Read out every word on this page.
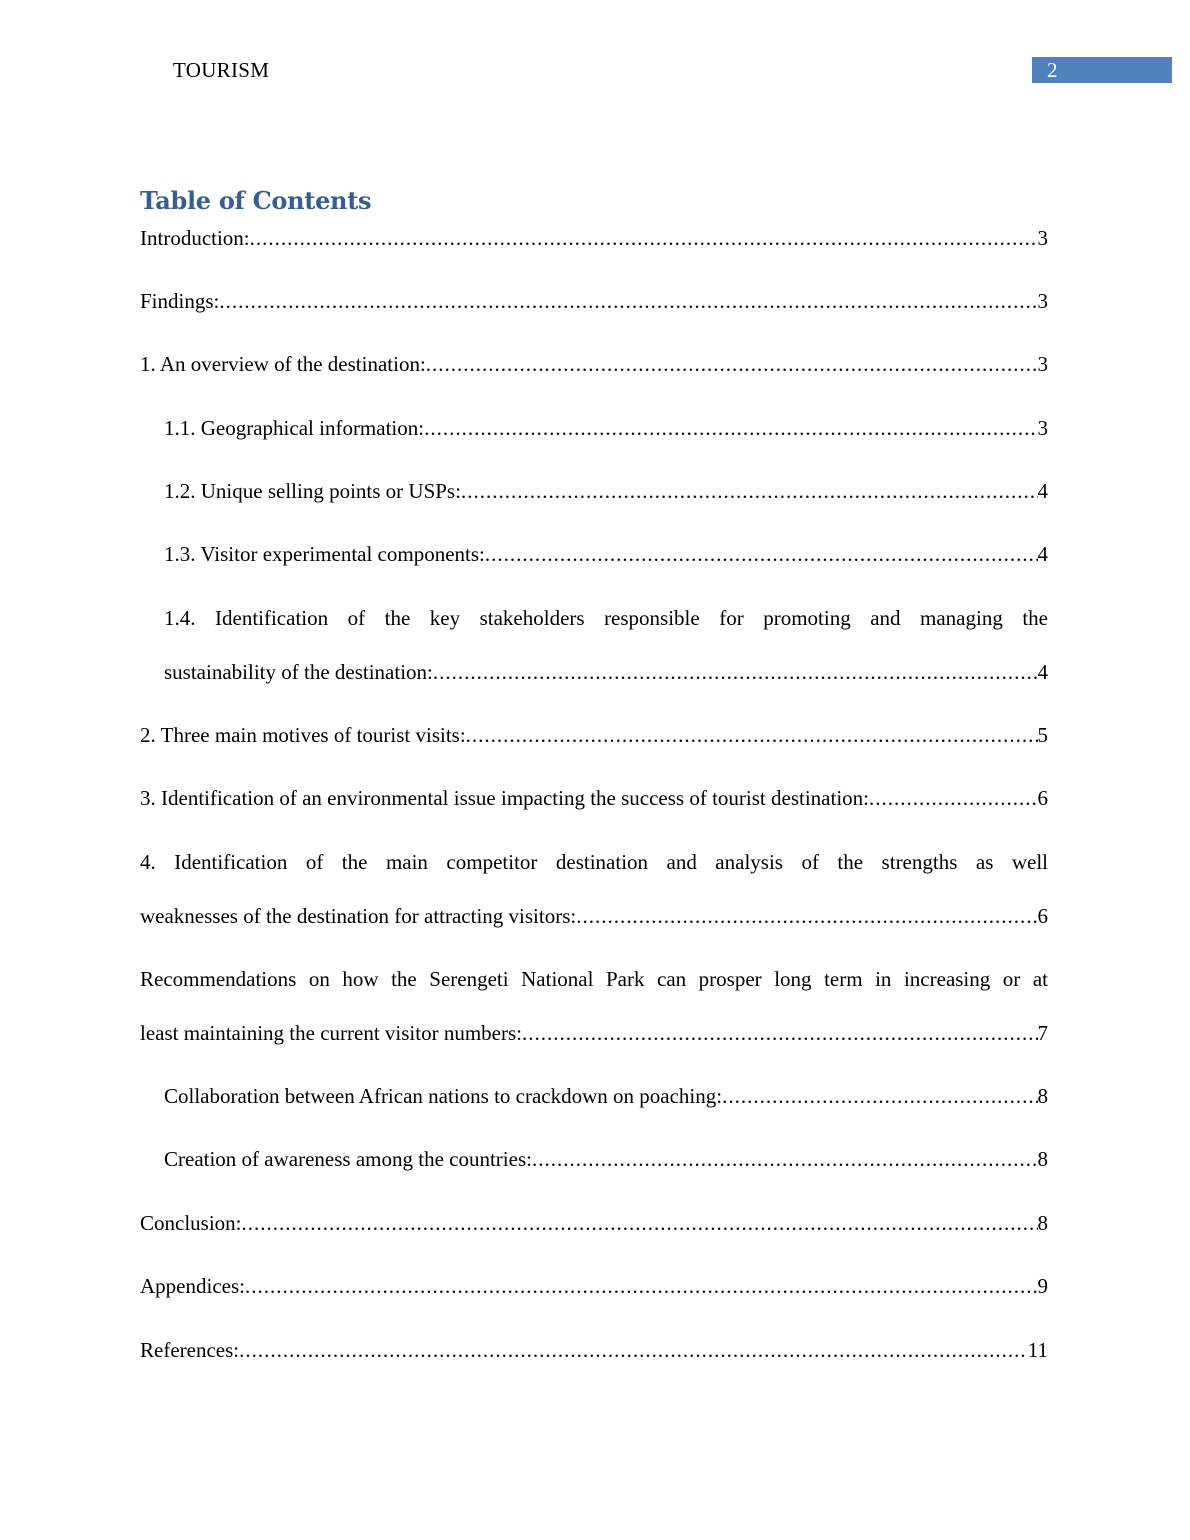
TOURISM	2
Table of Contents
Introduction: .....	3
Findings: .....	3
1. An overview of the destination: .....	3
1.1. Geographical information: .....	3
1.2. Unique selling points or USPs: .....	4
1.3. Visitor experimental components: .....	4
1.4. Identification of the key stakeholders responsible for promoting and managing the
sustainability of the destination: .....	4
2. Three main motives of tourist visits: .....	5
3. Identification of an environmental issue impacting the success of tourist destination: .....	6
4. Identification of the main competitor destination and analysis of the strengths as well
weaknesses of the destination for attracting visitors: .....	6
Recommendations on how the Serengeti National Park can prosper long term in increasing or at
least maintaining the current visitor numbers: .....	7
Collaboration between African nations to crackdown on poaching: .....	8
Creation of awareness among the countries: .....	8
Conclusion: .....	8
Appendices: .....	9
References: .....	11
